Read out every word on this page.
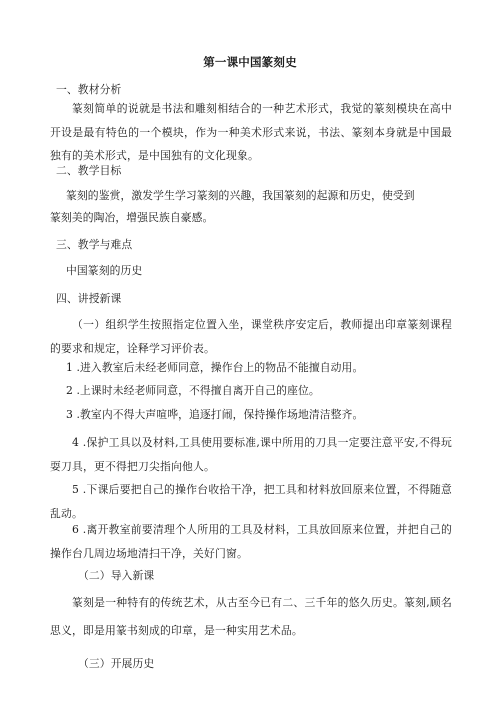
第一课中国篆刻史
一、教材分析
篆刻简单的说就是书法和雕刻相结合的一种艺术形式，我觉的篆刻模块在高中开设是最有特色的一个模块，作为一种美术形式来说，书法、篆刻本身就是中国最独有的美术形式，是中国独有的文化现象。
二、教学目标
篆刻的鉴赏，激发学生学习篆刻的兴趣，我国篆刻的起源和历史，使受到
篆刻美的陶冶，增强民族自豪感。
三、教学与难点
中国篆刻的历史
四、讲授新课
（一）组织学生按照指定位置入坐，课堂秩序安定后，教师提出印章篆刻课程的要求和规定，诠释学习评价表。
1 .进入教室后未经老师同意，操作台上的物品不能擅自动用。
2 .上课时未经老师同意，不得擅自离开自己的座位。
3 .教室内不得大声喧哗，追逐打闹，保持操作场地清洁整齐。
4 .保护工具以及材料,工具使用要标准,课中所用的刀具一定要注意平安,不得玩耍刀具，更不得把刀尖指向他人。
5 .下课后要把自己的操作台收拾干净，把工具和材料放回原来位置，不得随意乱动。
6 .离开教室前要清理个人所用的工具及材料，工具放回原来位置，并把自己的操作台几周边场地清扫干净，关好门窗。
（二）导入新课
篆刻是一种特有的传统艺术，从古至今已有二、三千年的悠久历史。篆刻,顾名思义，即是用篆书刻成的印章，是一种实用艺术品。
（三）开展历史
